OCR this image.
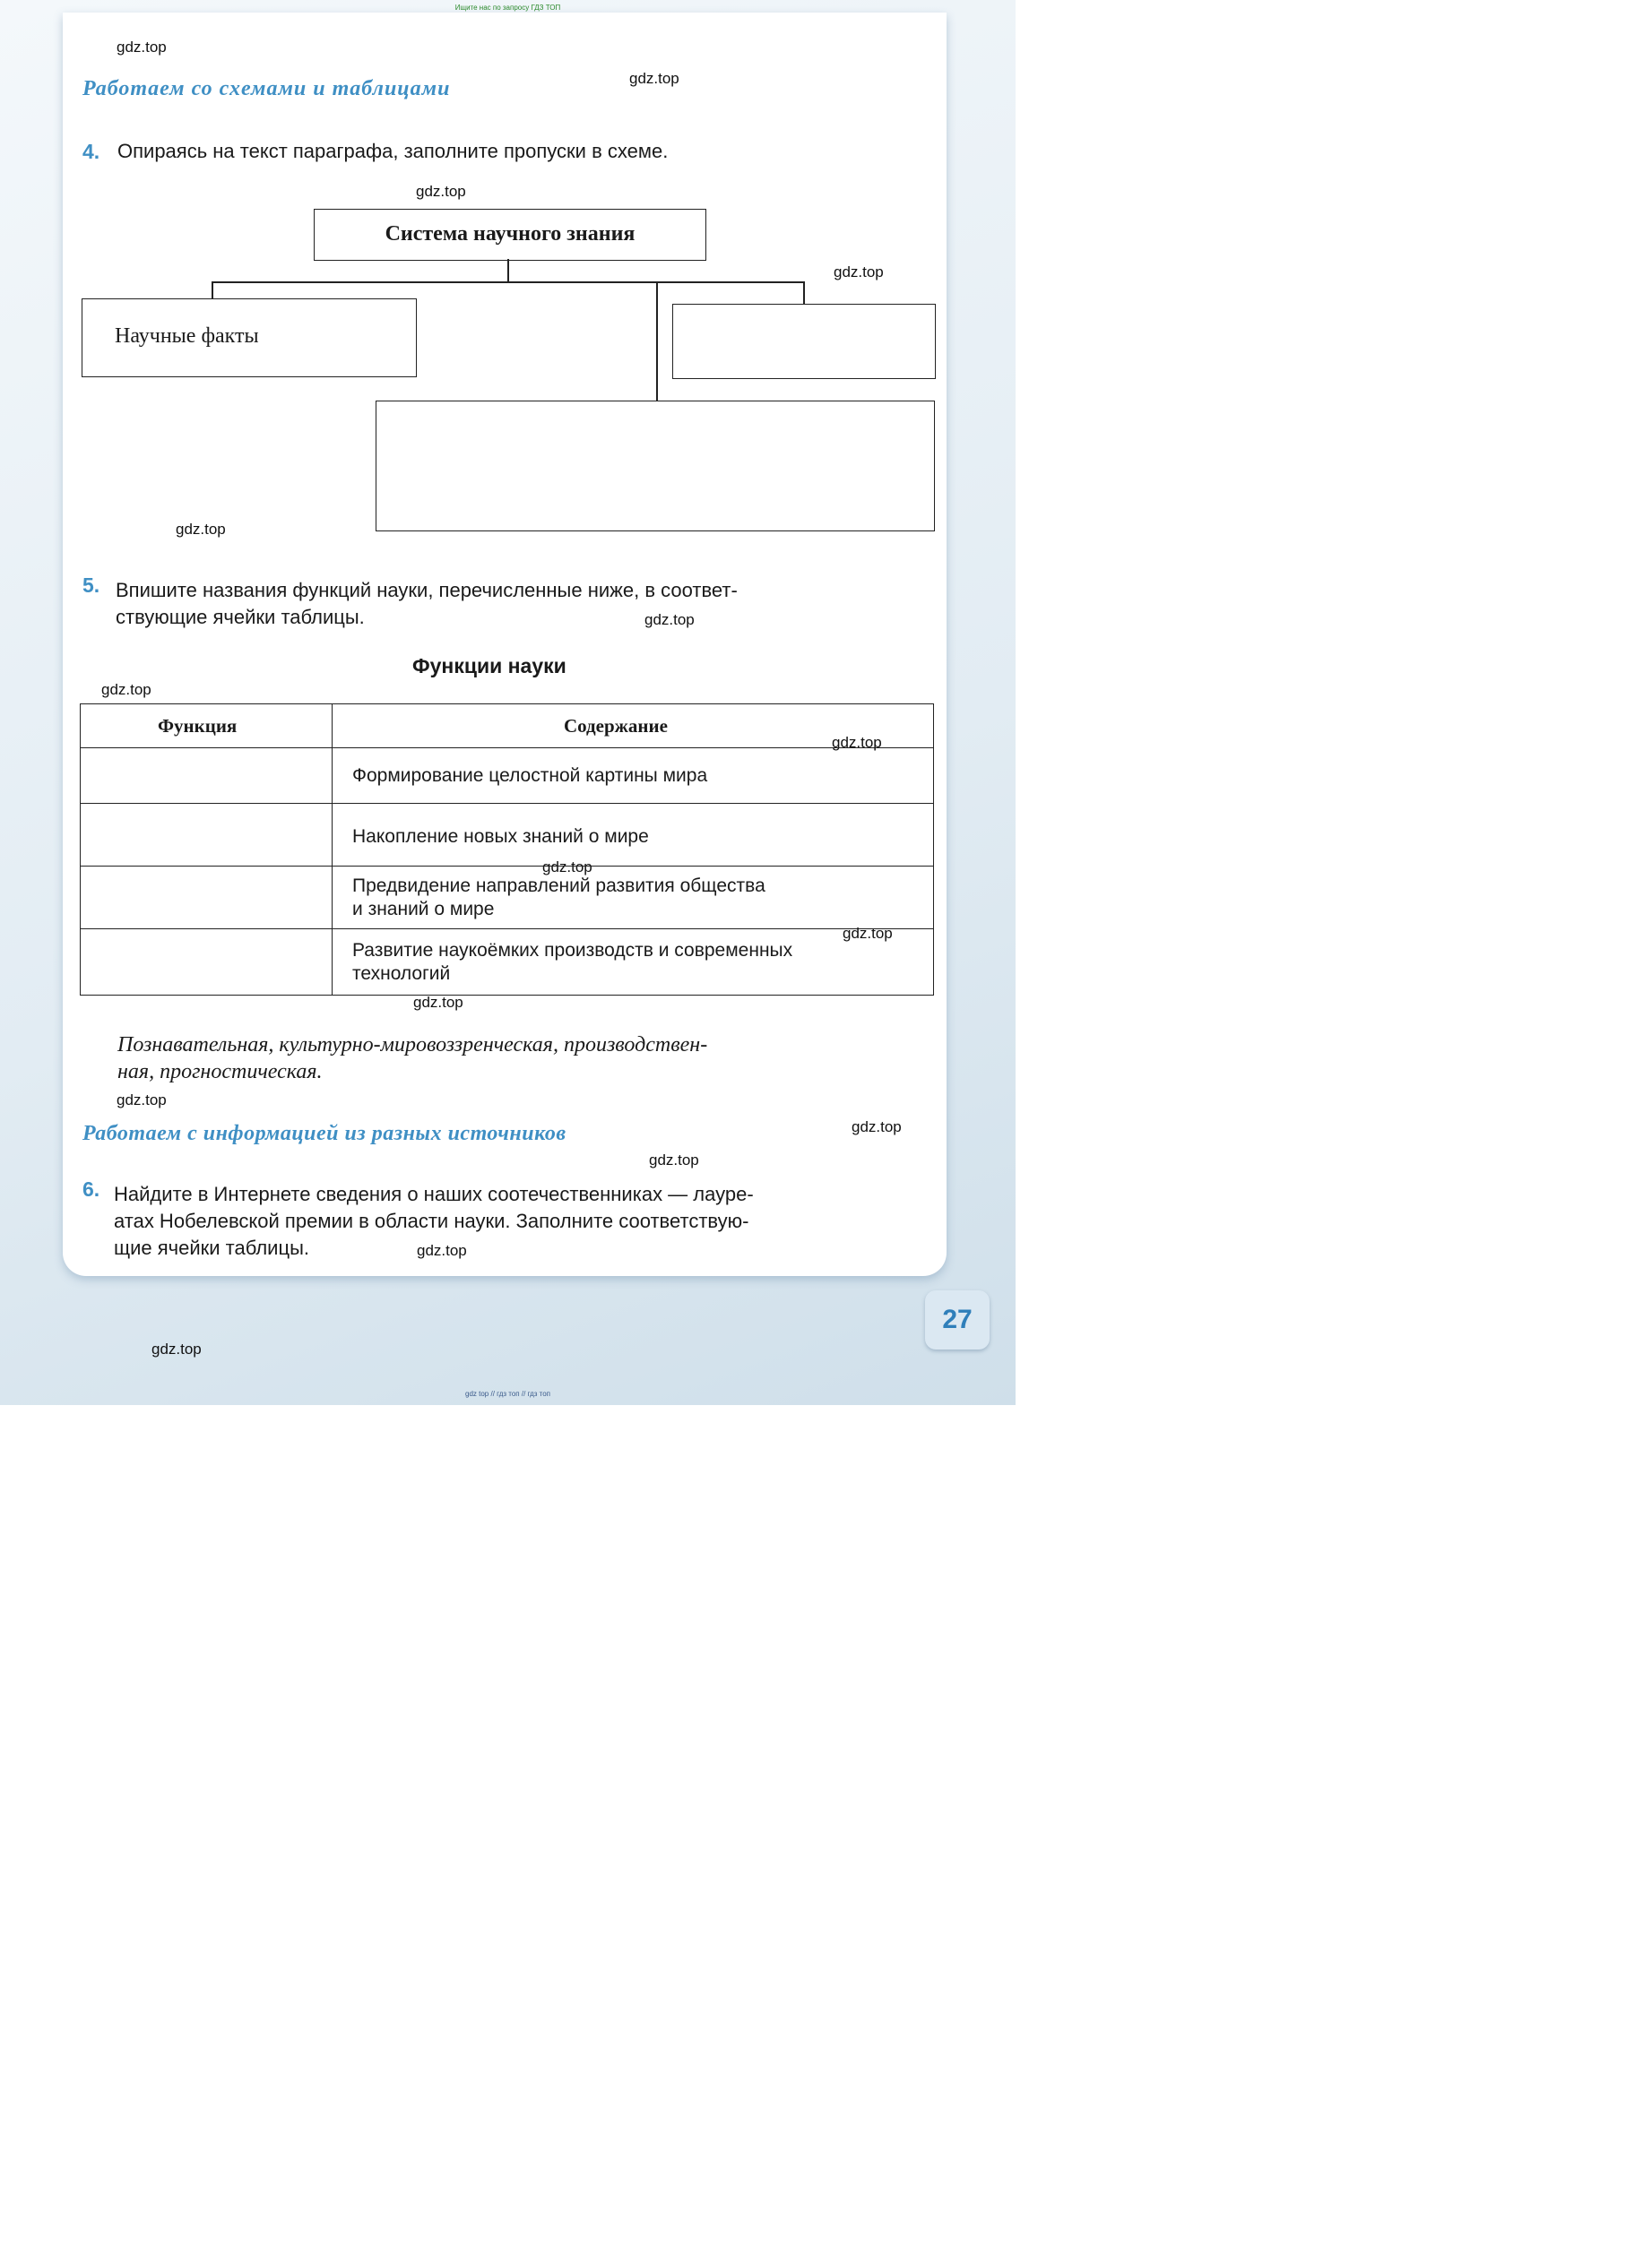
Ищите нас по запросу ГДЗ ТОП
gdz.top
gdz.top
gdz.top
gdz.top
gdz.top
gdz.top
gdz.top
gdz.top
gdz.top
gdz.top
gdz.top
gdz.top
gdz.top
gdz.top
gdz.top
gdz.top
Работаем со схемами и таблицами
4. Опираясь на текст параграфа, заполните пропуски в схеме.
Система научного знания
Научные факты
5. Впишите названия функций науки, перечисленные ниже, в соответ-
ствующие ячейки таблицы.
Функции науки
Функция	Содержание
	Формирование целостной картины мира
	Накопление новых знаний о мире

	Предвидение направлений развития общества
и знаний о мире

	Развитие наукоёмких производств и современных
технологий
Познавательная, культурно-мировоззренческая, производствен-
ная, прогностическая.
Работаем с информацией из разных источников
6. Найдите в Интернете сведения о наших соотечественниках — лауре-
атах Нобелевской премии в области науки. Заполните соответствую-
щие ячейки таблицы.
27
gdz top // гдз топ // гдз топ
